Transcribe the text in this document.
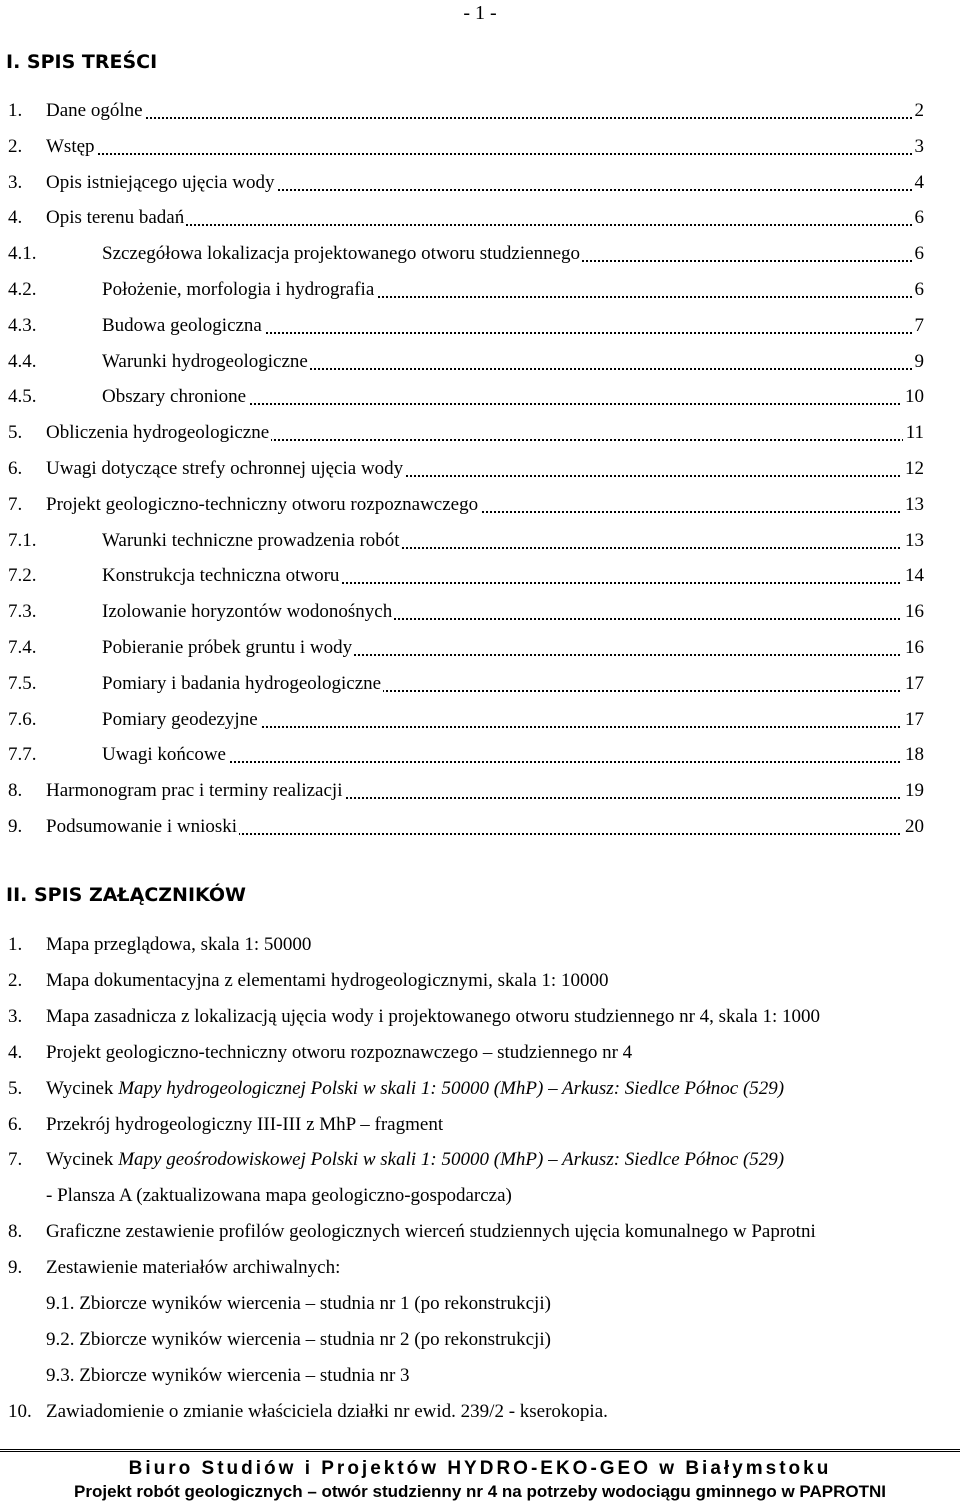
- 1 -
I. SPIS TREŚCI
1. Dane ogólne	2
2. Wstęp	3
3. Opis istniejącego ujęcia wody	4
4. Opis terenu badań	6
4.1.	Szczegółowa lokalizacja projektowanego otworu studziennego	6
4.2.	Położenie, morfologia i hydrografia	6
4.3.	Budowa geologiczna	7
4.4.	Warunki hydrogeologiczne	9
4.5.	Obszary chronione	10
5. Obliczenia hydrogeologiczne	11
6. Uwagi dotyczące strefy ochronnej ujęcia wody	12
7. Projekt geologiczno-techniczny otworu rozpoznawczego	13
7.1.	Warunki techniczne prowadzenia robót	13
7.2.	Konstrukcja techniczna otworu	14
7.3.	Izolowanie horyzontów wodonośnych	16
7.4.	Pobieranie próbek gruntu i wody	16
7.5.	Pomiary i badania hydrogeologiczne	17
7.6.	Pomiary geodezyjne	17
7.7.	Uwagi końcowe	18
8. Harmonogram prac i terminy realizacji	19
9. Podsumowanie i wnioski	20
II. SPIS ZAŁĄCZNIKÓW
1. Mapa przeglądowa, skala 1: 50000
2. Mapa dokumentacyjna z elementami hydrogeologicznymi, skala 1: 10000
3. Mapa zasadnicza z lokalizacją ujęcia wody i projektowanego otworu studziennego nr 4, skala 1: 1000
4. Projekt geologiczno-techniczny otworu rozpoznawczego – studziennego nr 4
5. Wycinek Mapy hydrogeologicznej Polski w skali 1: 50000 (MhP) – Arkusz: Siedlce Północ (529)
6. Przekrój hydrogeologiczny III-III z MhP – fragment
7. Wycinek Mapy geośrodowiskowej Polski w skali 1: 50000 (MhP) – Arkusz: Siedlce Północ (529)
- Plansza A (zaktualizowana mapa geologiczno-gospodarcza)
8. Graficzne zestawienie profilów geologicznych wierceń studziennych ujęcia komunalnego w Paprotni
9. Zestawienie materiałów archiwalnych:
9.1. Zbiorcze wyników wiercenia – studnia nr 1 (po rekonstrukcji)
9.2. Zbiorcze wyników wiercenia – studnia nr 2 (po rekonstrukcji)
9.3. Zbiorcze wyników wiercenia – studnia nr 3
10. Zawiadomienie o zmianie właściciela działki nr ewid. 239/2 - kserokopia.
Biuro Studiów i Projektów HYDRO-EKO-GEO w Białymstoku
Projekt robót geologicznych – otwór studzienny nr 4 na potrzeby wodociągu gminnego w PAPROTNI
